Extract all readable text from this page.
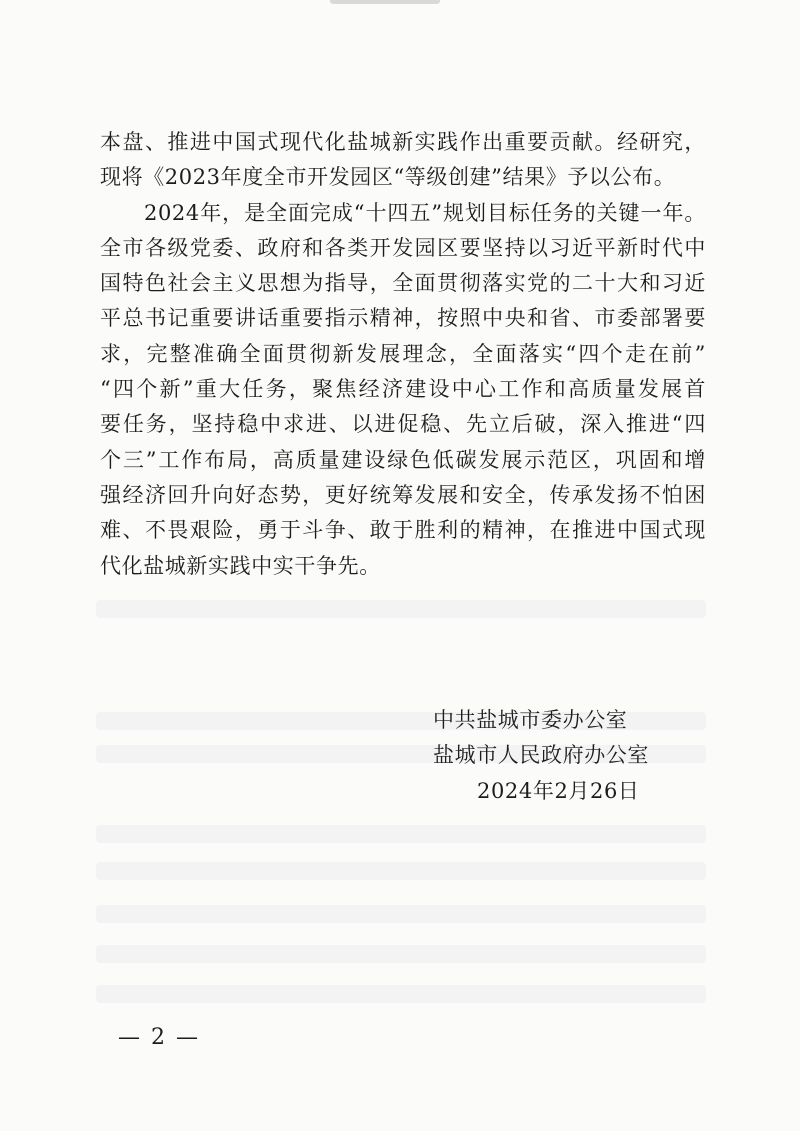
本盘、推进中国式现代化盐城新实践作出重要贡献。经研究，
现将《2023年度全市开发园区“等级创建”结果》予以公布。
2024年，是全面完成“十四五”规划目标任务的关键一年。
全市各级党委、政府和各类开发园区要坚持以习近平新时代中
国特色社会主义思想为指导，全面贯彻落实党的二十大和习近
平总书记重要讲话重要指示精神，按照中央和省、市委部署要
求，完整准确全面贯彻新发展理念，全面落实“四个走在前”
“四个新”重大任务，聚焦经济建设中心工作和高质量发展首
要任务，坚持稳中求进、以进促稳、先立后破，深入推进“四
个三”工作布局，高质量建设绿色低碳发展示范区，巩固和增
强经济回升向好态势，更好统筹发展和安全，传承发扬不怕困
难、不畏艰险，勇于斗争、敢于胜利的精神，在推进中国式现
代化盐城新实践中实干争先。
中共盐城市委办公室
盐城市人民政府办公室
2024年2月26日
— 2 —
